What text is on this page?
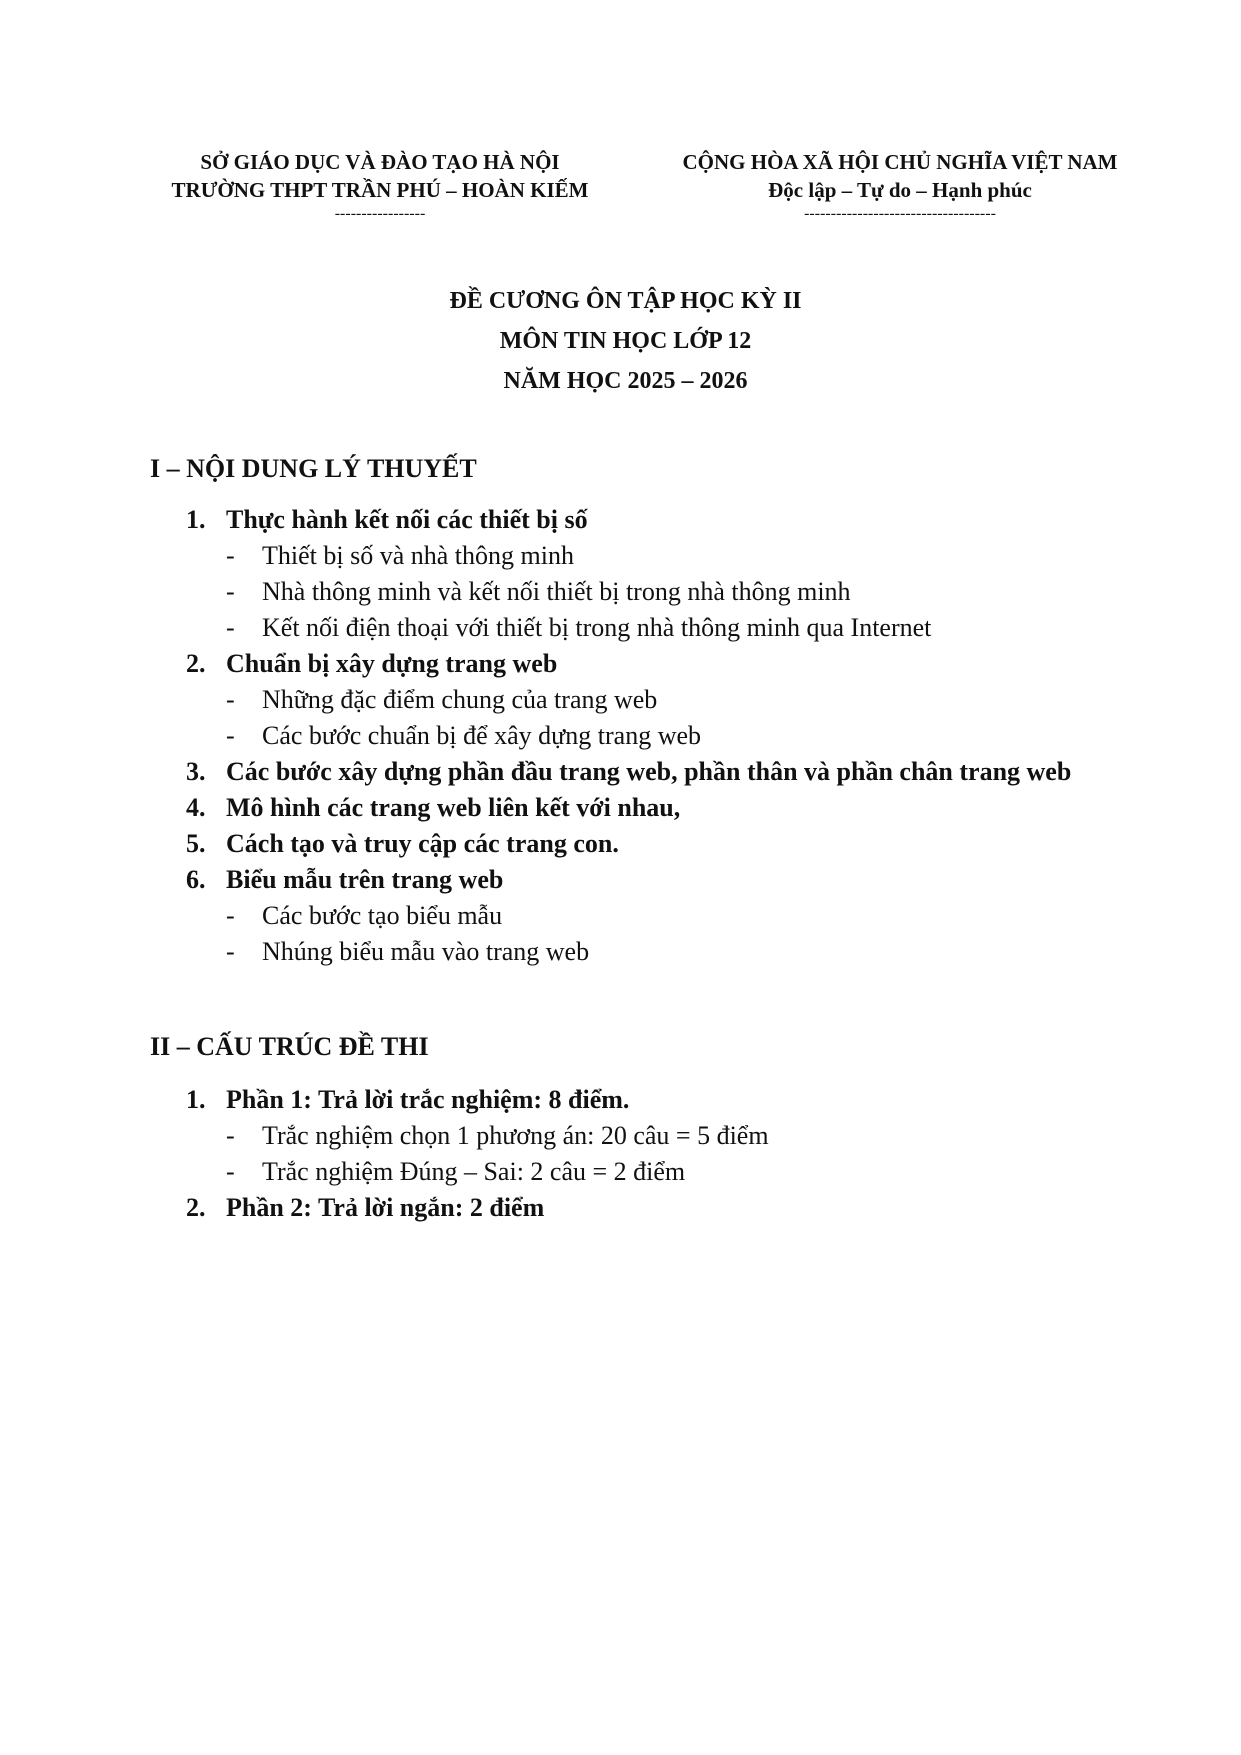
SỞ GIÁO DỤC VÀ ĐÀO TẠO HÀ NỘI
TRƯỜNG THPT TRẦN PHÚ – HOÀN KIẾM
-----------------
CỘNG HÒA XÃ HỘI CHỦ NGHĨA VIỆT NAM
Độc lập – Tự do – Hạnh phúc
------------------------------------
ĐỀ CƯƠNG ÔN TẬP HỌC KỲ II
MÔN TIN HỌC LỚP 12
NĂM HỌC 2025 – 2026
I – NỘI DUNG LÝ THUYẾT
1. Thực hành kết nối các thiết bị số
- Thiết bị số và nhà thông minh
- Nhà thông minh và kết nối thiết bị trong nhà thông minh
- Kết nối điện thoại với thiết bị trong nhà thông minh qua Internet
2. Chuẩn bị xây dựng trang web
- Những đặc điểm chung của trang web
- Các bước chuẩn bị để xây dựng trang web
3. Các bước xây dựng phần đầu trang web, phần thân và phần chân trang web
4. Mô hình các trang web liên kết với nhau,
5. Cách tạo và truy cập các trang con.
6. Biểu mẫu trên trang web
- Các bước tạo biểu mẫu
- Nhúng biểu mẫu vào trang web
II – CẤU TRÚC ĐỀ THI
1. Phần 1: Trả lời trắc nghiệm: 8 điểm.
- Trắc nghiệm chọn 1 phương án: 20 câu = 5 điểm
- Trắc nghiệm Đúng – Sai: 2 câu = 2 điểm
2. Phần 2: Trả lời ngắn: 2 điểm
